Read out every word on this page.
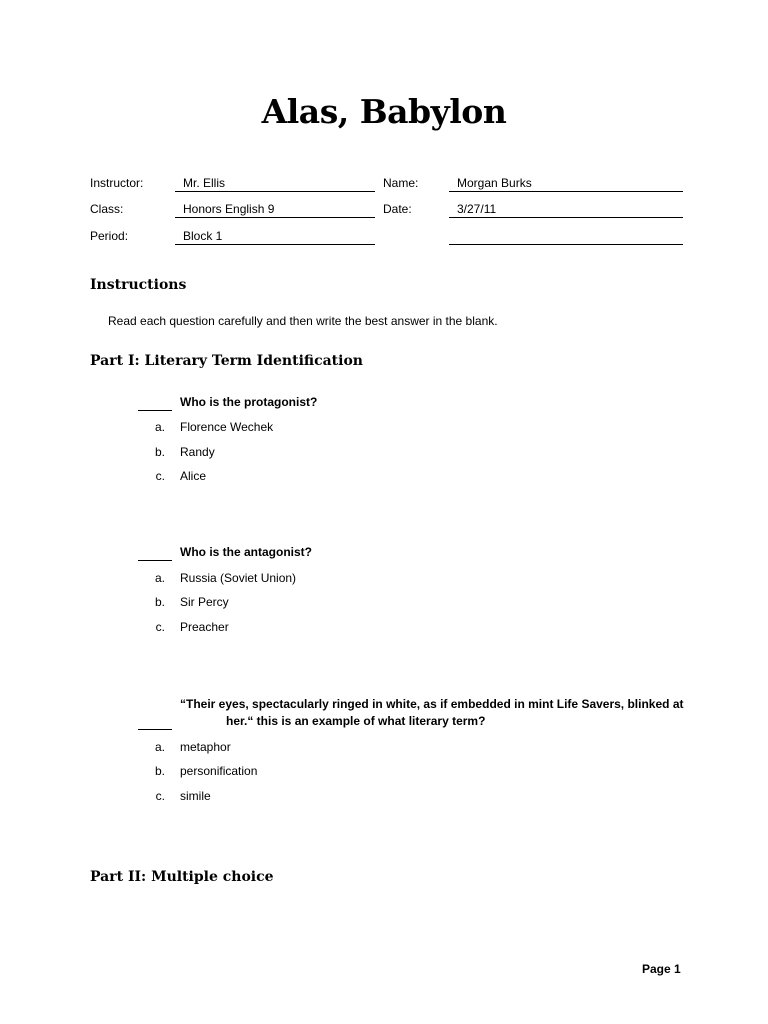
Alas, Babylon
Instructor:	Mr. Ellis	Name:	Morgan Burks
Class:	Honors English 9	Date:	3/27/11
Period:	Block 1
Instructions
Read each question carefully and then write the best answer in the blank.
Part I: Literary Term Identification
Who is the protagonist?
a. Florence Wechek
b. Randy
c. Alice
Who is the antagonist?
a. Russia (Soviet Union)
b. Sir Percy
c. Preacher
“Their eyes, spectacularly ringed in white, as if embedded in mint Life Savers, blinked at
her.“ this is an example of what literary term?
a. metaphor
b. personification
c. simile
Part II: Multiple choice
Page 1
